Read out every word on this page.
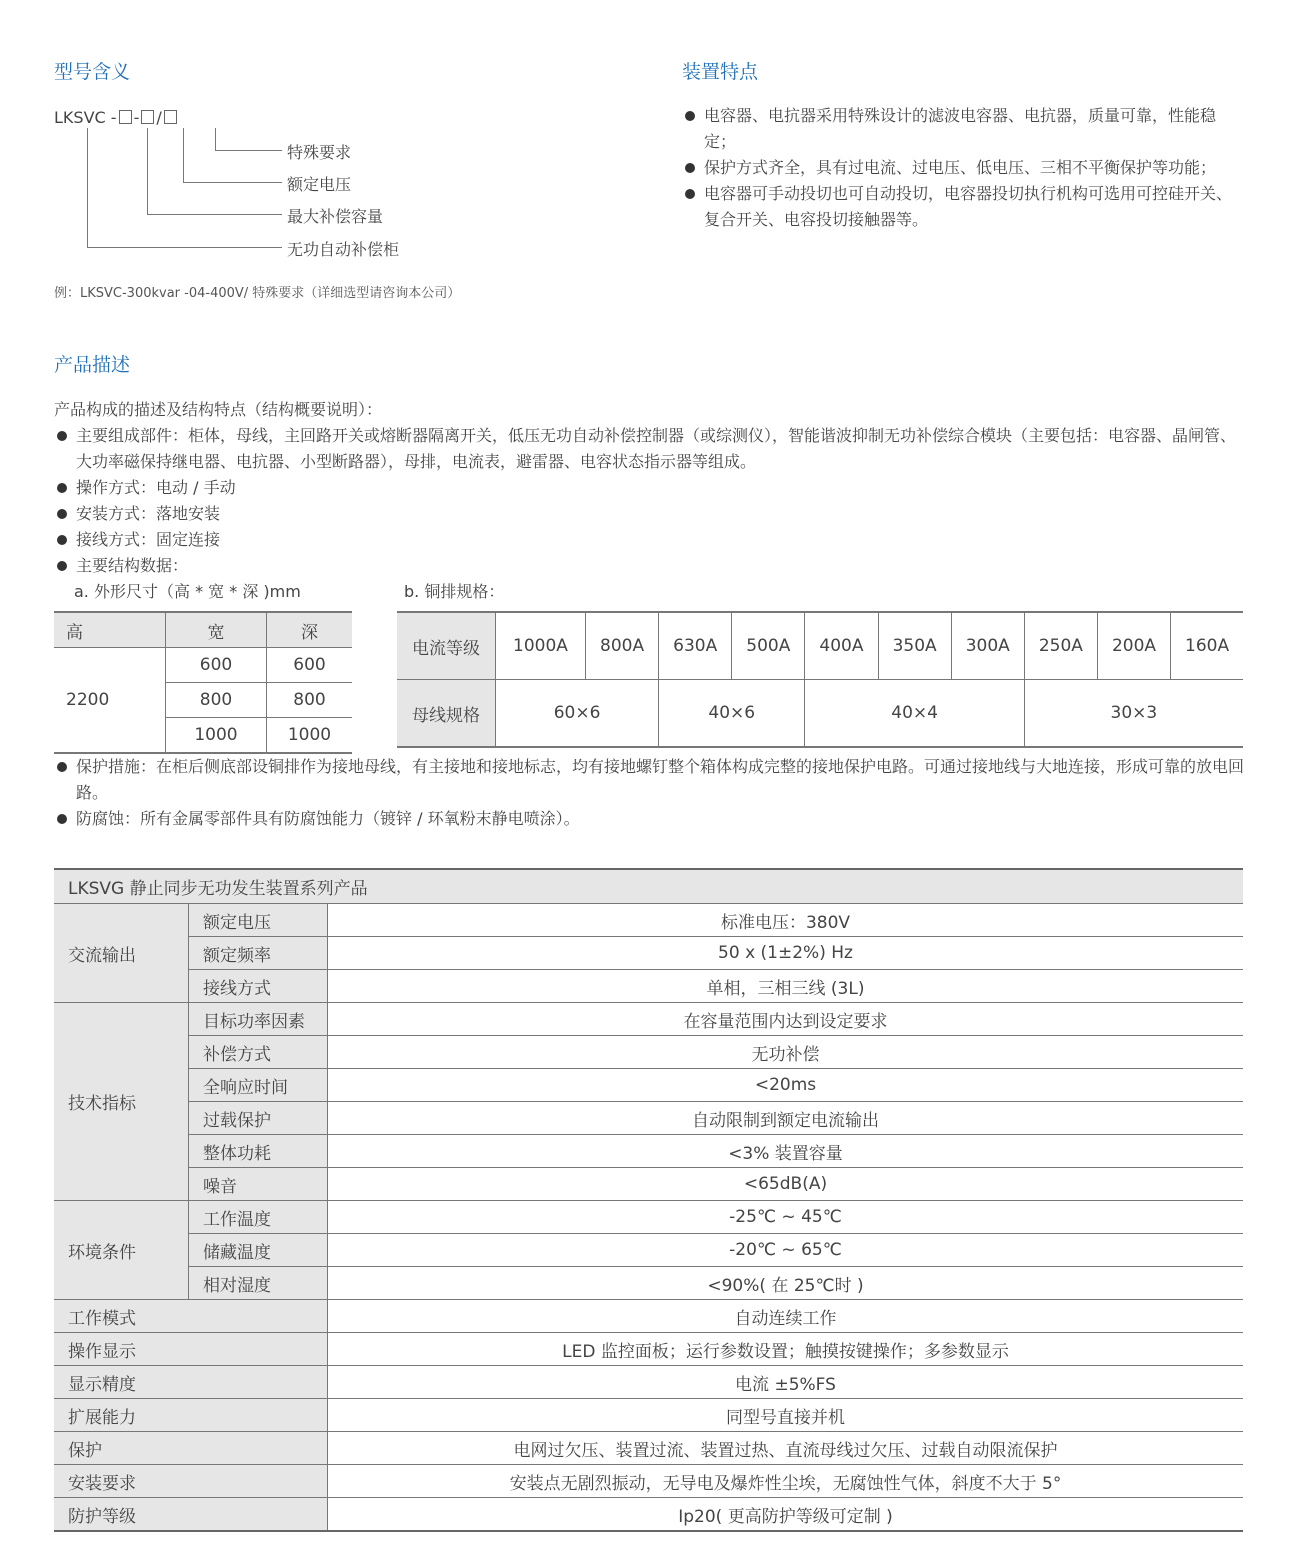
型号含义
LKSVC - - /
特殊要求
额定电压
最大补偿容量
无功自动补偿柜
例：LKSVC-300kvar -04-400V/ 特殊要求（详细选型请咨询本公司）
装置特点
电容器、电抗器采用特殊设计的滤波电容器、电抗器，质量可靠，性能稳定；
保护方式齐全，具有过电流、过电压、低电压、三相不平衡保护等功能；
电容器可手动投切也可自动投切，电容器投切执行机构可选用可控硅开关、复合开关、电容投切接触器等。
产品描述
产品构成的描述及结构特点（结构概要说明）：
主要组成部件：柜体，母线，主回路开关或熔断器隔离开关，低压无功自动补偿控制器（或综测仪），智能谐波抑制无功补偿综合模块（主要包括：电容器、晶闸管、大功率磁保持继电器、电抗器、小型断路器），母排，电流表，避雷器、电容状态指示器等组成。
操作方式：电动 / 手动
安装方式：落地安装
接线方式：固定连接
主要结构数据：
a. 外形尺寸（高 * 宽 * 深 )mm	b. 铜排规格：
高	宽	深
2200	600	600
	800	800
	1000	1000
电流等级	1000A	800A	630A	500A	400A	350A	300A	250A	200A	160A
母线规格	60×6		40×6		40×4			30×3		
保护措施：在柜后侧底部设铜排作为接地母线，有主接地和接地标志，均有接地螺钉整个箱体构成完整的接地保护电路。可通过接地线与大地连接，形成可靠的放电回路。
防腐蚀：所有金属零部件具有防腐蚀能力（镀锌 / 环氧粉末静电喷涂）。
LKSVG 静止同步无功发生装置系列产品		
交流输出	额定电压	标准电压：380V
	额定频率	50 x (1±2%) Hz
	接线方式	单相，三相三线 (3L)
技术指标	目标功率因素	在容量范围内达到设定要求
	补偿方式	无功补偿
	全响应时间	<20ms
	过载保护	自动限制到额定电流输出
	整体功耗	<3% 装置容量
	噪音	<65dB(A)
环境条件	工作温度	-25℃ ~ 45℃
	储藏温度	-20℃ ~ 65℃
	相对湿度	<90%( 在 25℃时 )
工作模式		自动连续工作
操作显示		LED 监控面板；运行参数设置；触摸按键操作；多参数显示
显示精度		电流 ±5%FS
扩展能力		同型号直接并机
保护		电网过欠压、装置过流、装置过热、直流母线过欠压、过载自动限流保护
安装要求		安装点无剧烈振动，无导电及爆炸性尘埃，无腐蚀性气体，斜度不大于 5°
防护等级		Ip20( 更高防护等级可定制 )
